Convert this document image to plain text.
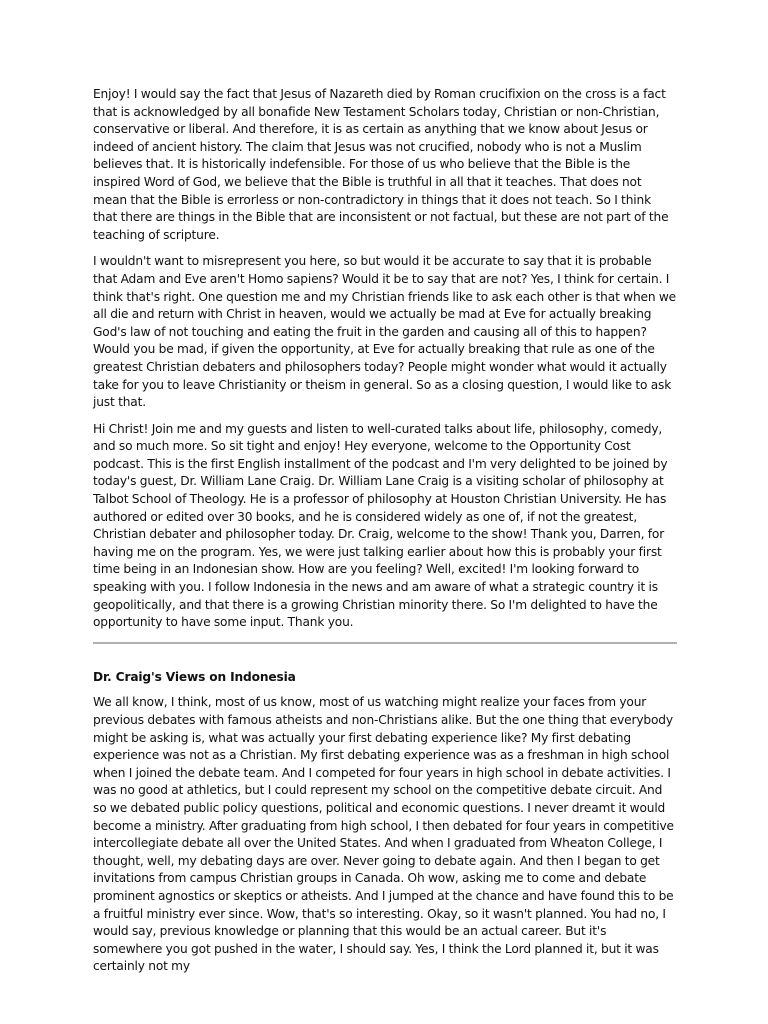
Enjoy! I would say the fact that Jesus of Nazareth died by Roman crucifixion on the cross is a fact that is acknowledged by all bonafide New Testament Scholars today, Christian or non-Christian, conservative or liberal. And therefore, it is as certain as anything that we know about Jesus or indeed of ancient history. The claim that Jesus was not crucified, nobody who is not a Muslim believes that. It is historically indefensible. For those of us who believe that the Bible is the inspired Word of God, we believe that the Bible is truthful in all that it teaches. That does not mean that the Bible is errorless or non-contradictory in things that it does not teach. So I think that there are things in the Bible that are inconsistent or not factual, but these are not part of the teaching of scripture.

I wouldn't want to misrepresent you here, so but would it be accurate to say that it is probable that Adam and Eve aren't Homo sapiens? Would it be to say that are not? Yes, I think for certain. I think that's right. One question me and my Christian friends like to ask each other is that when we all die and return with Christ in heaven, would we actually be mad at Eve for actually breaking God's law of not touching and eating the fruit in the garden and causing all of this to happen? Would you be mad, if given the opportunity, at Eve for actually breaking that rule as one of the greatest Christian debaters and philosophers today? People might wonder what would it actually take for you to leave Christianity or theism in general. So as a closing question, I would like to ask just that.

Hi Christ! Join me and my guests and listen to well-curated talks about life, philosophy, comedy, and so much more. So sit tight and enjoy! Hey everyone, welcome to the Opportunity Cost podcast. This is the first English installment of the podcast and I'm very delighted to be joined by today's guest, Dr. William Lane Craig. Dr. William Lane Craig is a visiting scholar of philosophy at Talbot School of Theology. He is a professor of philosophy at Houston Christian University. He has authored or edited over 30 books, and he is considered widely as one of, if not the greatest, Christian debater and philosopher today. Dr. Craig, welcome to the show! Thank you, Darren, for having me on the program. Yes, we were just talking earlier about how this is probably your first time being in an Indonesian show. How are you feeling? Well, excited! I'm looking forward to speaking with you. I follow Indonesia in the news and am aware of what a strategic country it is geopolitically, and that there is a growing Christian minority there. So I'm delighted to have the opportunity to have some input. Thank you.

Dr. Craig's Views on Indonesia

We all know, I think, most of us know, most of us watching might realize your faces from your previous debates with famous atheists and non-Christians alike. But the one thing that everybody might be asking is, what was actually your first debating experience like? My first debating experience was not as a Christian. My first debating experience was as a freshman in high school when I joined the debate team. And I competed for four years in high school in debate activities. I was no good at athletics, but I could represent my school on the competitive debate circuit. And so we debated public policy questions, political and economic questions. I never dreamt it would become a ministry. After graduating from high school, I then debated for four years in competitive intercollegiate debate all over the United States. And when I graduated from Wheaton College, I thought, well, my debating days are over. Never going to debate again. And then I began to get invitations from campus Christian groups in Canada. Oh wow, asking me to come and debate prominent agnostics or skeptics or atheists. And I jumped at the chance and have found this to be a fruitful ministry ever since. Wow, that's so interesting. Okay, so it wasn't planned. You had no, I would say, previous knowledge or planning that this would be an actual career. But it's somewhere you got pushed in the water, I should say. Yes, I think the Lord planned it, but it was certainly not my
